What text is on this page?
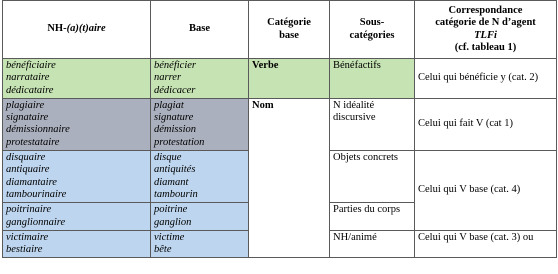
NH-(a)(t)aire	Base	Catégorie
base	Sous-
catégories	Correspondance
catégorie de N d’agent
TLFi
(cf. tableau 1)

bénéficiaire
narrataire
dédicataire	bénéficier
narrer
dédicacer	Verbe	Bénéfactifs	Celui qui bénéficie y (cat. 2)

plagiaire
signataire
démissionnaire
protestataire	plagiat
signature
démission
protestation	Nom	N idéalité discursive	Celui qui fait V (cat 1)

disquaire
antiquaire
diamantaire
tambourinaire	disque
antiquités
diamant
tambourin		Objets concrets	Celui qui V base (cat. 4)

poitrinaire
ganglionnaire	poitrine
ganglion		Parties du corps	

victimaire
bestiaire	victime
bête		NH/animé	Celui qui V base (cat. 3) ou
